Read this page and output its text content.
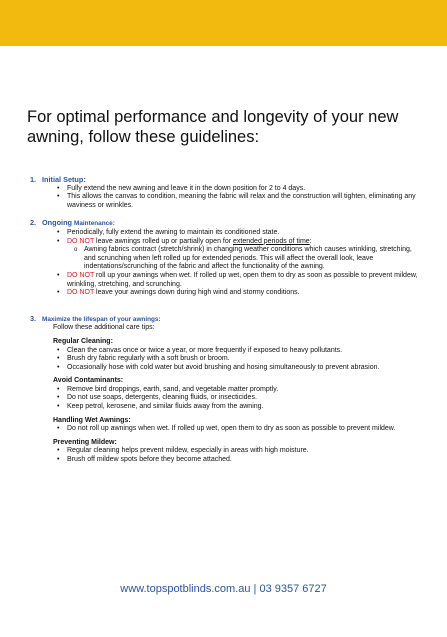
For optimal performance and longevity of your new awning, follow these guidelines:
1. Initial Setup:
• Fully extend the new awning and leave it in the down position for 2 to 4 days.
• This allows the canvas to condition, meaning the fabric will relax and the construction will tighten, eliminating any waviness or wrinkles.
2. Ongoing Maintenance:
• Periodically, fully extend the awning to maintain its conditioned state.
• DO NOT leave awnings rolled up or partially open for extended periods of time:
o Awning fabrics contract (stretch/shrink) in changing weather conditions which causes wrinkling, stretching, and scrunching when left rolled up for extended periods. This will affect the overall look, leave indentations/scrunching of the fabric and affect the functionality of the awning.
• DO NOT roll up your awnings when wet. If rolled up wet, open them to dry as soon as possible to prevent mildew, wrinkling, stretching, and scrunching.
• DO NOT leave your awnings down during high wind and stormy conditions.
3. Maximize the lifespan of your awnings:
Follow these additional care tips:
Regular Cleaning:
• Clean the canvas once or twice a year, or more frequently if exposed to heavy pollutants.
• Brush dry fabric regularly with a soft brush or broom.
• Occasionally hose with cold water but avoid brushing and hosing simultaneously to prevent abrasion.
Avoid Contaminants:
• Remove bird droppings, earth, sand, and vegetable matter promptly.
• Do not use soaps, detergents, cleaning fluids, or insecticides.
• Keep petrol, kerosene, and similar fluids away from the awning.
Handling Wet Awnings:
• Do not roll up awnings when wet. If rolled up wet, open them to dry as soon as possible to prevent mildew.
Preventing Mildew:
• Regular cleaning helps prevent mildew, especially in areas with high moisture.
• Brush off mildew spots before they become attached.
www.topspotblinds.com.au | 03 9357 6727
